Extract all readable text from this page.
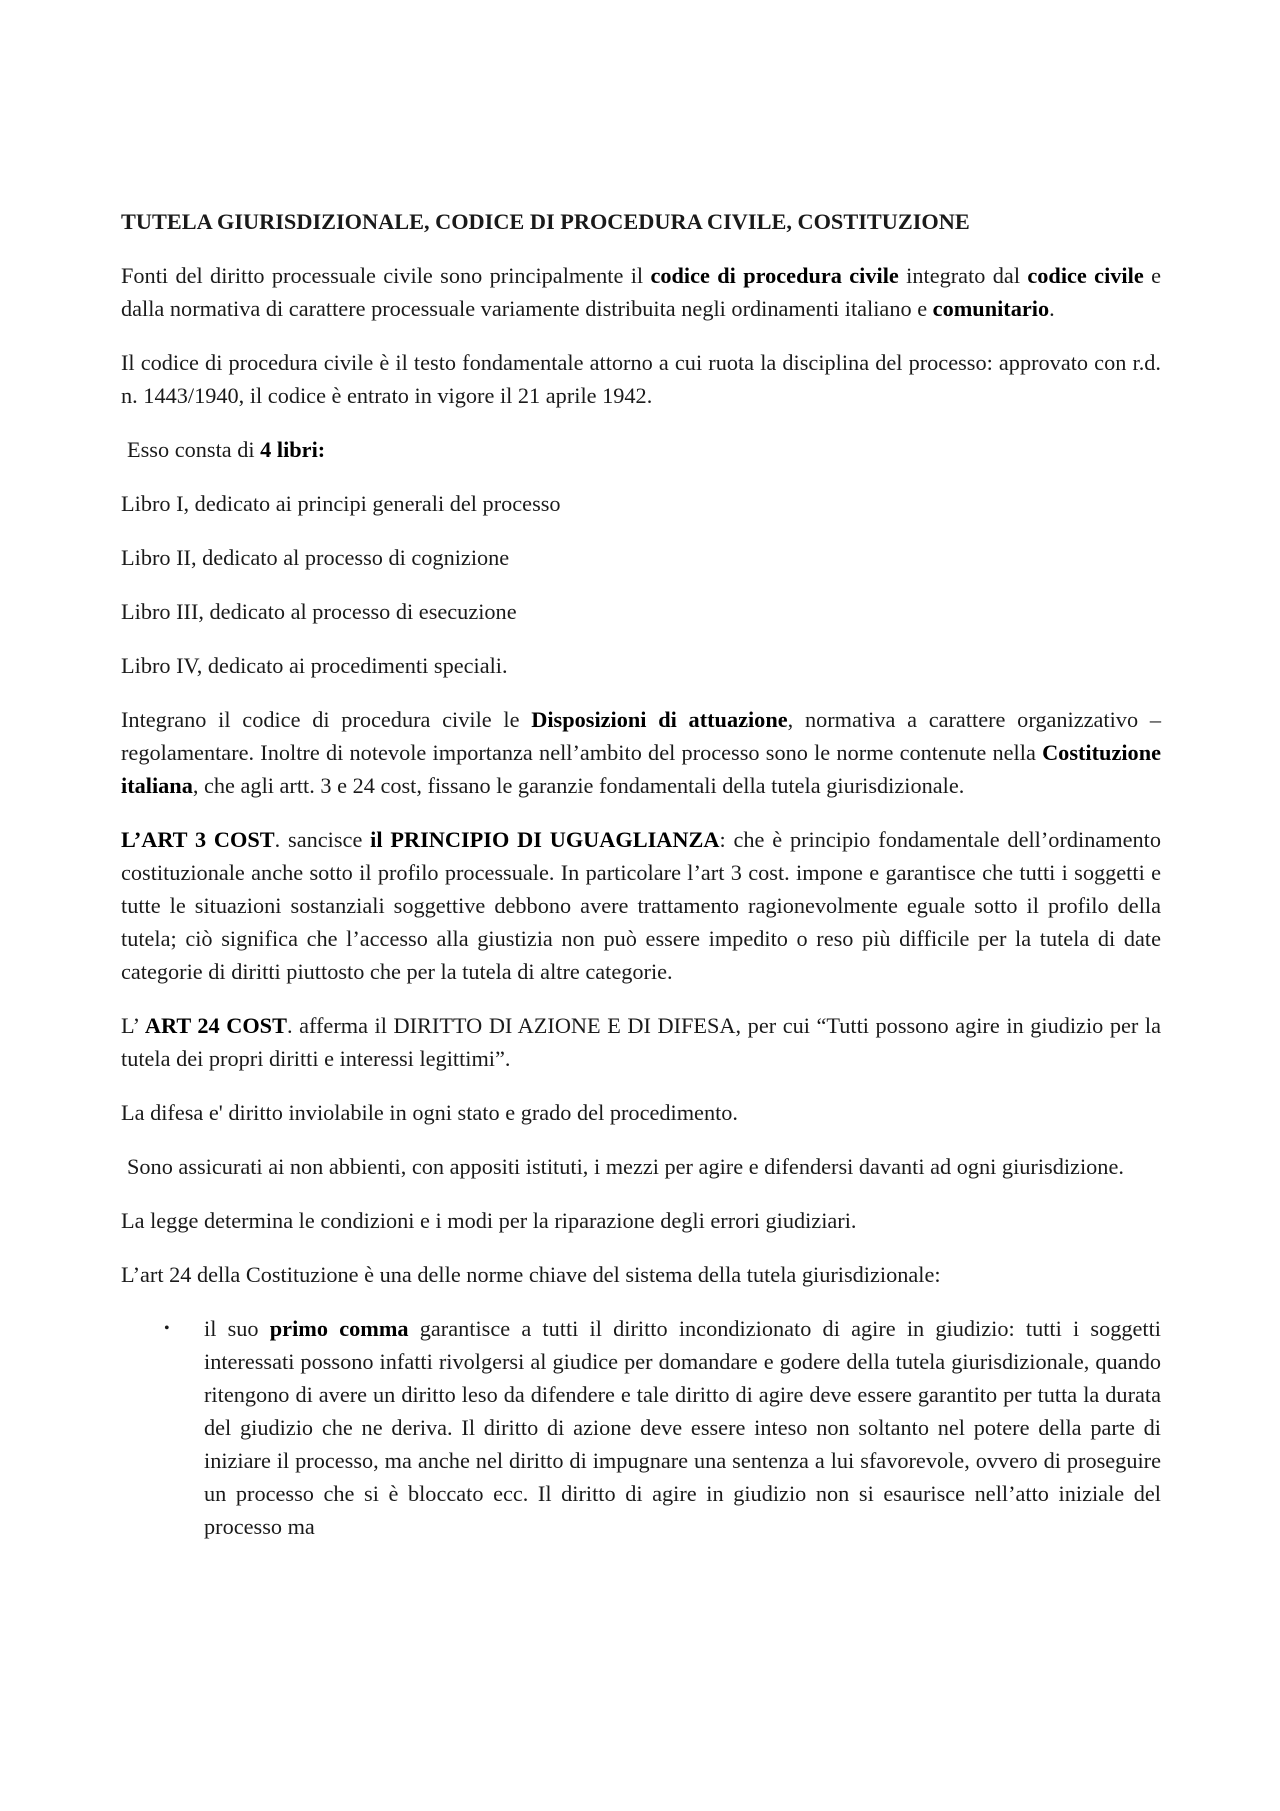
TUTELA GIURISDIZIONALE, CODICE DI PROCEDURA CIVILE, COSTITUZIONE

Fonti del diritto processuale civile sono principalmente il codice di procedura civile integrato dal codice civile e dalla normativa di carattere processuale variamente distribuita negli ordinamenti italiano e comunitario.

Il codice di procedura civile è il testo fondamentale attorno a cui ruota la disciplina del processo: approvato con r.d. n. 1443/1940, il codice è entrato in vigore il 21 aprile 1942.

Esso consta di 4 libri:

Libro I, dedicato ai principi generali del processo

Libro II, dedicato al processo di cognizione

Libro III, dedicato al processo di esecuzione

Libro IV, dedicato ai procedimenti speciali.

Integrano il codice di procedura civile le Disposizioni di attuazione, normativa a carattere organizzativo – regolamentare. Inoltre di notevole importanza nell’ambito del processo sono le norme contenute nella Costituzione italiana, che agli artt. 3 e 24 cost, fissano le garanzie fondamentali della tutela giurisdizionale.

L’ART 3 COST. sancisce il PRINCIPIO DI UGUAGLIANZA: che è principio fondamentale dell’ordinamento costituzionale anche sotto il profilo processuale. In particolare l’art 3 cost. impone e garantisce che tutti i soggetti e tutte le situazioni sostanziali soggettive debbono avere trattamento ragionevolmente eguale sotto il profilo della tutela; ciò significa che l’accesso alla giustizia non può essere impedito o reso più difficile per la tutela di date categorie di diritti piuttosto che per la tutela di altre categorie.

L’ ART 24 COST. afferma il DIRITTO DI AZIONE E DI DIFESA, per cui “Tutti possono agire in giudizio per la tutela dei propri diritti e interessi legittimi”.

La difesa e' diritto inviolabile in ogni stato e grado del procedimento.

Sono assicurati ai non abbienti, con appositi istituti, i mezzi per agire e difendersi davanti ad ogni giurisdizione.

La legge determina le condizioni e i modi per la riparazione degli errori giudiziari.

L’art 24 della Costituzione è una delle norme chiave del sistema della tutela giurisdizionale:

• il suo primo comma garantisce a tutti il diritto incondizionato di agire in giudizio: tutti i soggetti interessati possono infatti rivolgersi al giudice per domandare e godere della tutela giurisdizionale, quando ritengono di avere un diritto leso da difendere e tale diritto di agire deve essere garantito per tutta la durata del giudizio che ne deriva. Il diritto di azione deve essere inteso non soltanto nel potere della parte di iniziare il processo, ma anche nel diritto di impugnare una sentenza a lui sfavorevole, ovvero di proseguire un processo che si è bloccato ecc. Il diritto di agire in giudizio non si esaurisce nell’atto iniziale del processo ma
